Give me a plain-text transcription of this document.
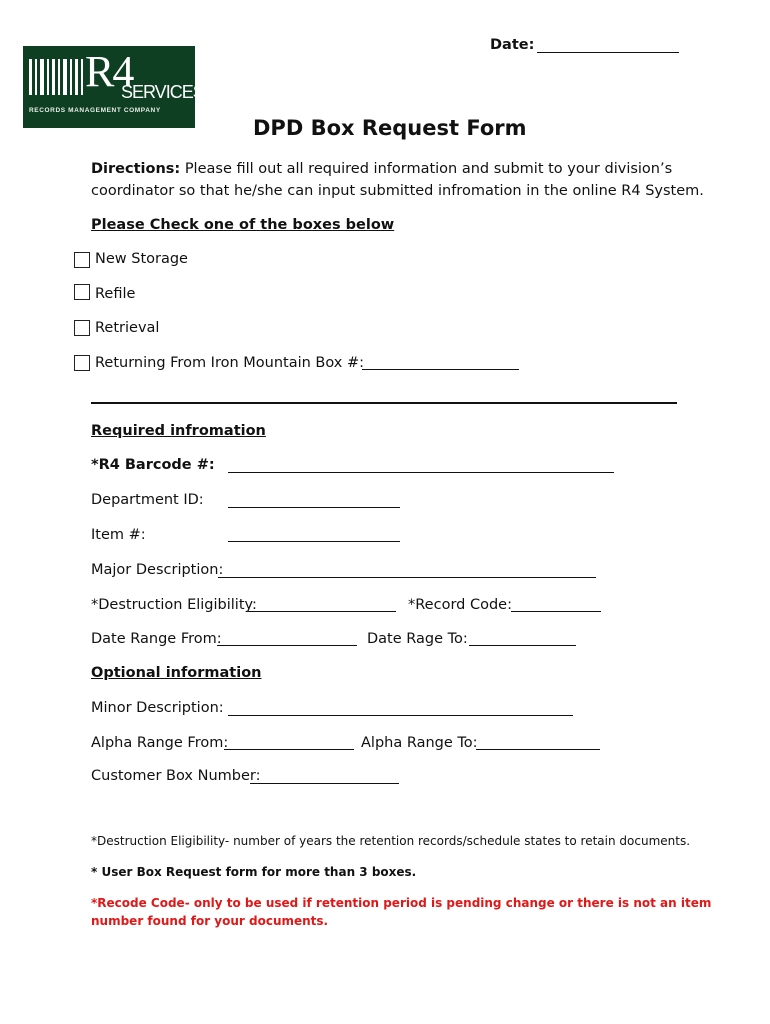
Date:
R4
SERVICES
RECORDS MANAGEMENT COMPANY
DPD Box Request Form
Directions: Please fill out all required information and submit to your division’s
coordinator so that he/she can input submitted infromation in the online R4 System.
Please Check one of the boxes below
New Storage
Refile
Retrieval
Returning From Iron Mountain Box #:
Required infromation
*R4 Barcode #:
Department ID:
Item #:
Major Description:
*Destruction Eligibility:	*Record Code:
Date Range From:	Date Rage To:
Optional information
Minor Description:
Alpha Range From:	Alpha Range To:
Customer Box Number:
*Destruction Eligibility- number of years the retention records/schedule states to retain documents.
* User Box Request form for more than 3 boxes.
*Recode Code- only to be used if retention period is pending change or there is not an item
number found for your documents.
